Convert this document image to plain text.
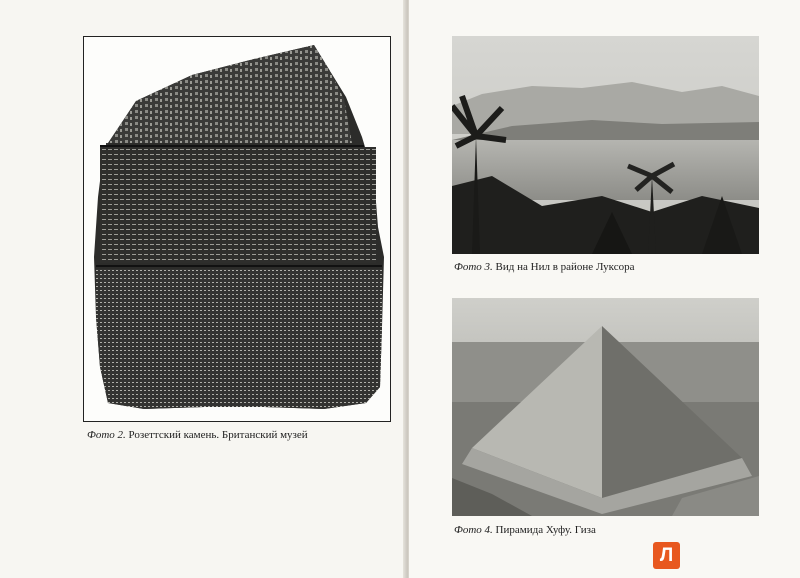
Фото 2. Розеттский камень. Британский музей
Фото 3. Вид на Нил в районе Луксора
Фото 4. Пирамида Хуфу. Гиза
Л
